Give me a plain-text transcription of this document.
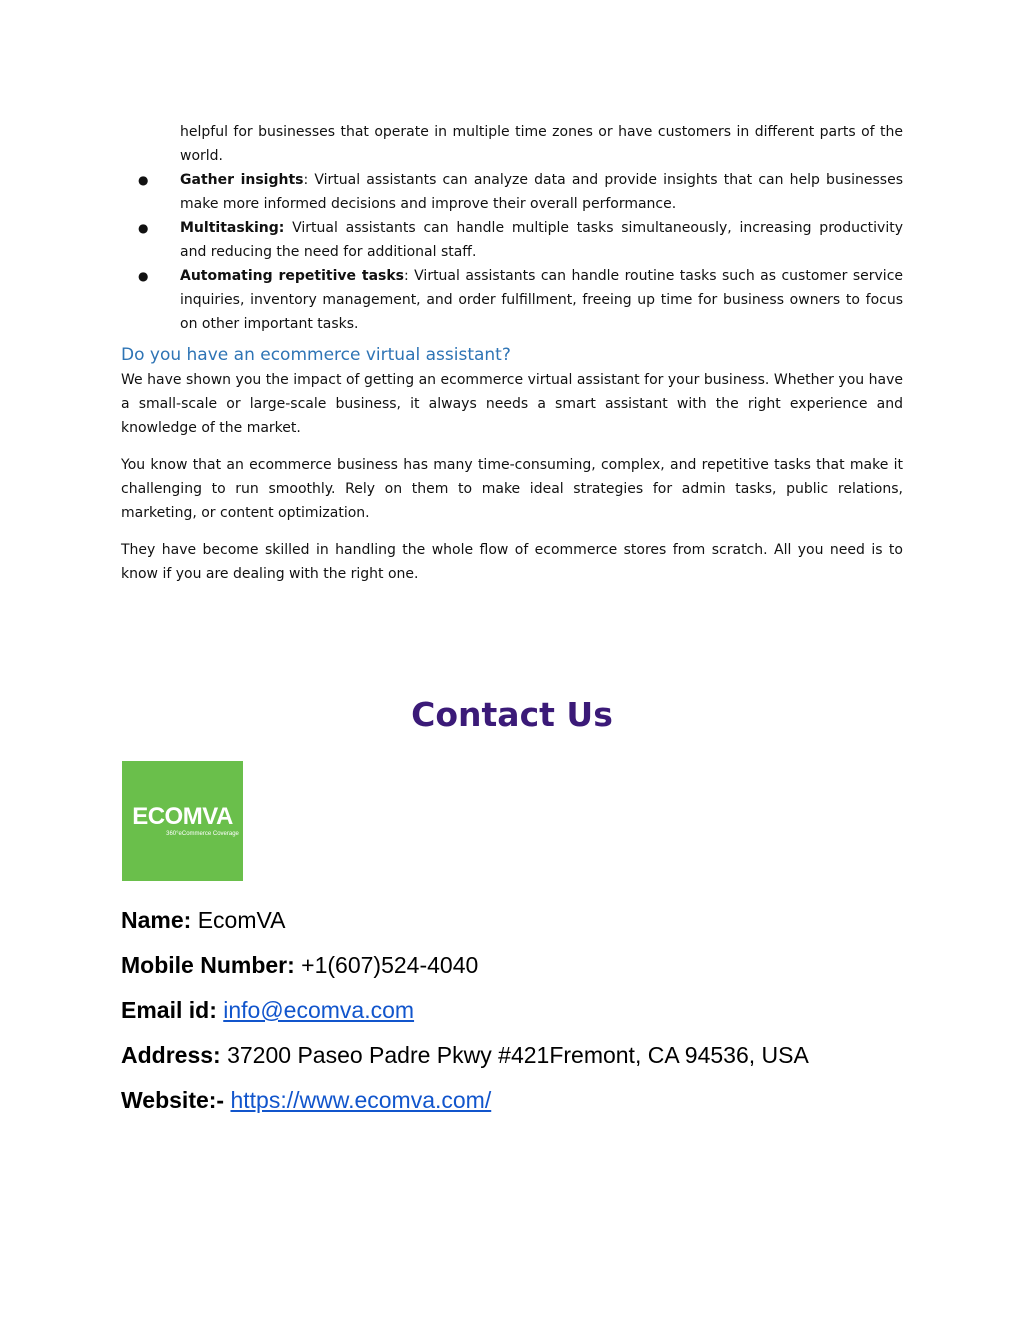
helpful for businesses that operate in multiple time zones or have customers in different parts of the world.
● Gather insights: Virtual assistants can analyze data and provide insights that can help businesses make more informed decisions and improve their overall performance.
● Multitasking: Virtual assistants can handle multiple tasks simultaneously, increasing productivity and reducing the need for additional staff.
● Automating repetitive tasks: Virtual assistants can handle routine tasks such as customer service inquiries, inventory management, and order fulfillment, freeing up time for business owners to focus on other important tasks.
Do you have an ecommerce virtual assistant?

We have shown you the impact of getting an ecommerce virtual assistant for your business. Whether you have a small-scale or large-scale business, it always needs a smart assistant with the right experience and knowledge of the market.

You know that an ecommerce business has many time-consuming, complex, and repetitive tasks that make it challenging to run smoothly. Rely on them to make ideal strategies for admin tasks, public relations, marketing, or content optimization.

They have become skilled in handling the whole flow of ecommerce stores from scratch. All you need is to know if you are dealing with the right one.

Contact Us
ECOMVA
360°eCommerce Coverage
Name: EcomVA
Mobile Number: +1(607)524-4040
Email id: info@ecomva.com
Address: 37200 Paseo Padre Pkwy #421Fremont, CA 94536, USA
Website:- https://www.ecomva.com/
